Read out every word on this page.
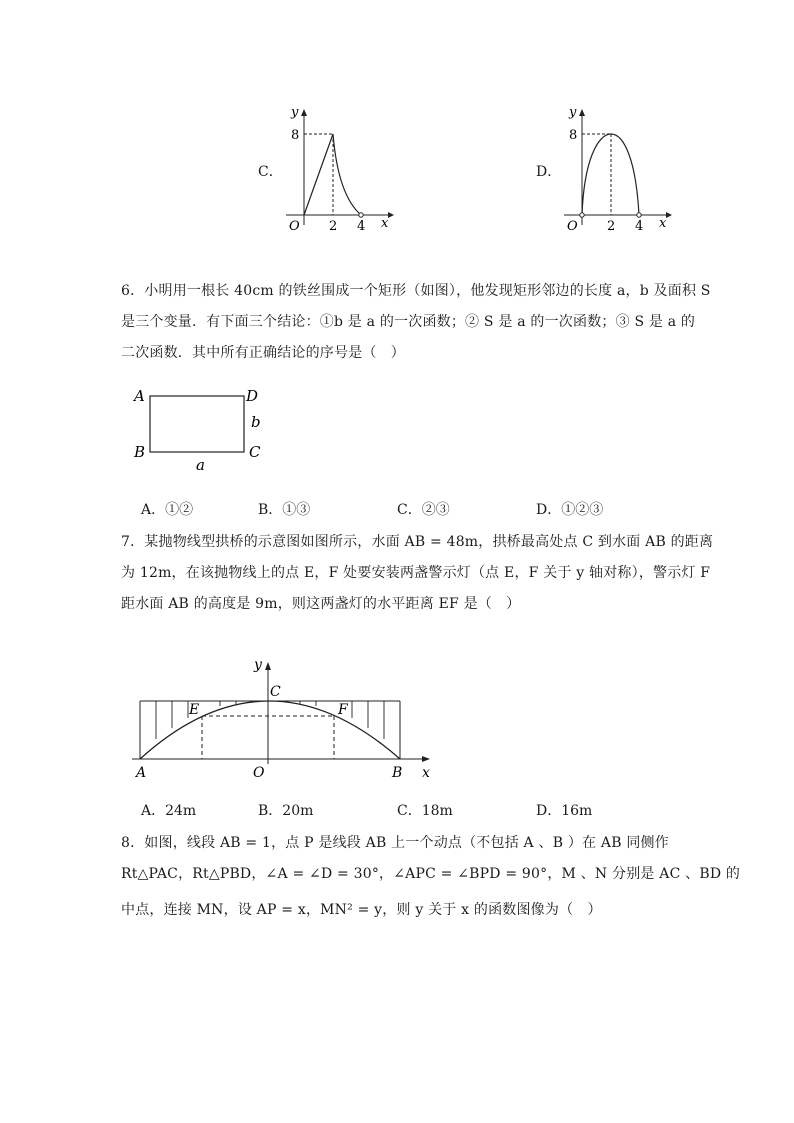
C．
y
x
O
8
2 4
D．
y
x
O
8
2 4
6．小明用一根长 40cm 的铁丝围成一个矩形（如图），他发现矩形邻边的长度 a，b 及面积 S
是三个变量．有下面三个结论：①b 是 a 的一次函数；② S 是 a 的一次函数；③ S 是 a 的
二次函数．其中所有正确结论的序号是（　）
A	D
B	C
b
a
A．①②	B．①③	C．②③	D．①②③
7．某抛物线型拱桥的示意图如图所示，水面 AB = 48m，拱桥最高处点 C 到水面 AB 的距离
为 12m，在该抛物线上的点 E，F 处要安装两盏警示灯（点 E，F 关于 y 轴对称），警示灯 F
距水面 AB 的高度是 9m，则这两盏灯的水平距离 EF 是（　）
y
C
E	F
A	O	B x
A．24m	B．20m	C．18m	D．16m
8．如图，线段 AB = 1，点 P 是线段 AB 上一个动点（不包括 A 、B ）在 AB 同侧作
Rt△PAC，Rt△PBD，∠A = ∠D = 30°，∠APC = ∠BPD = 90°，M 、N 分别是 AC 、BD 的
中点，连接 MN，设 AP = x，MN² = y，则 y 关于 x 的函数图像为（　）
